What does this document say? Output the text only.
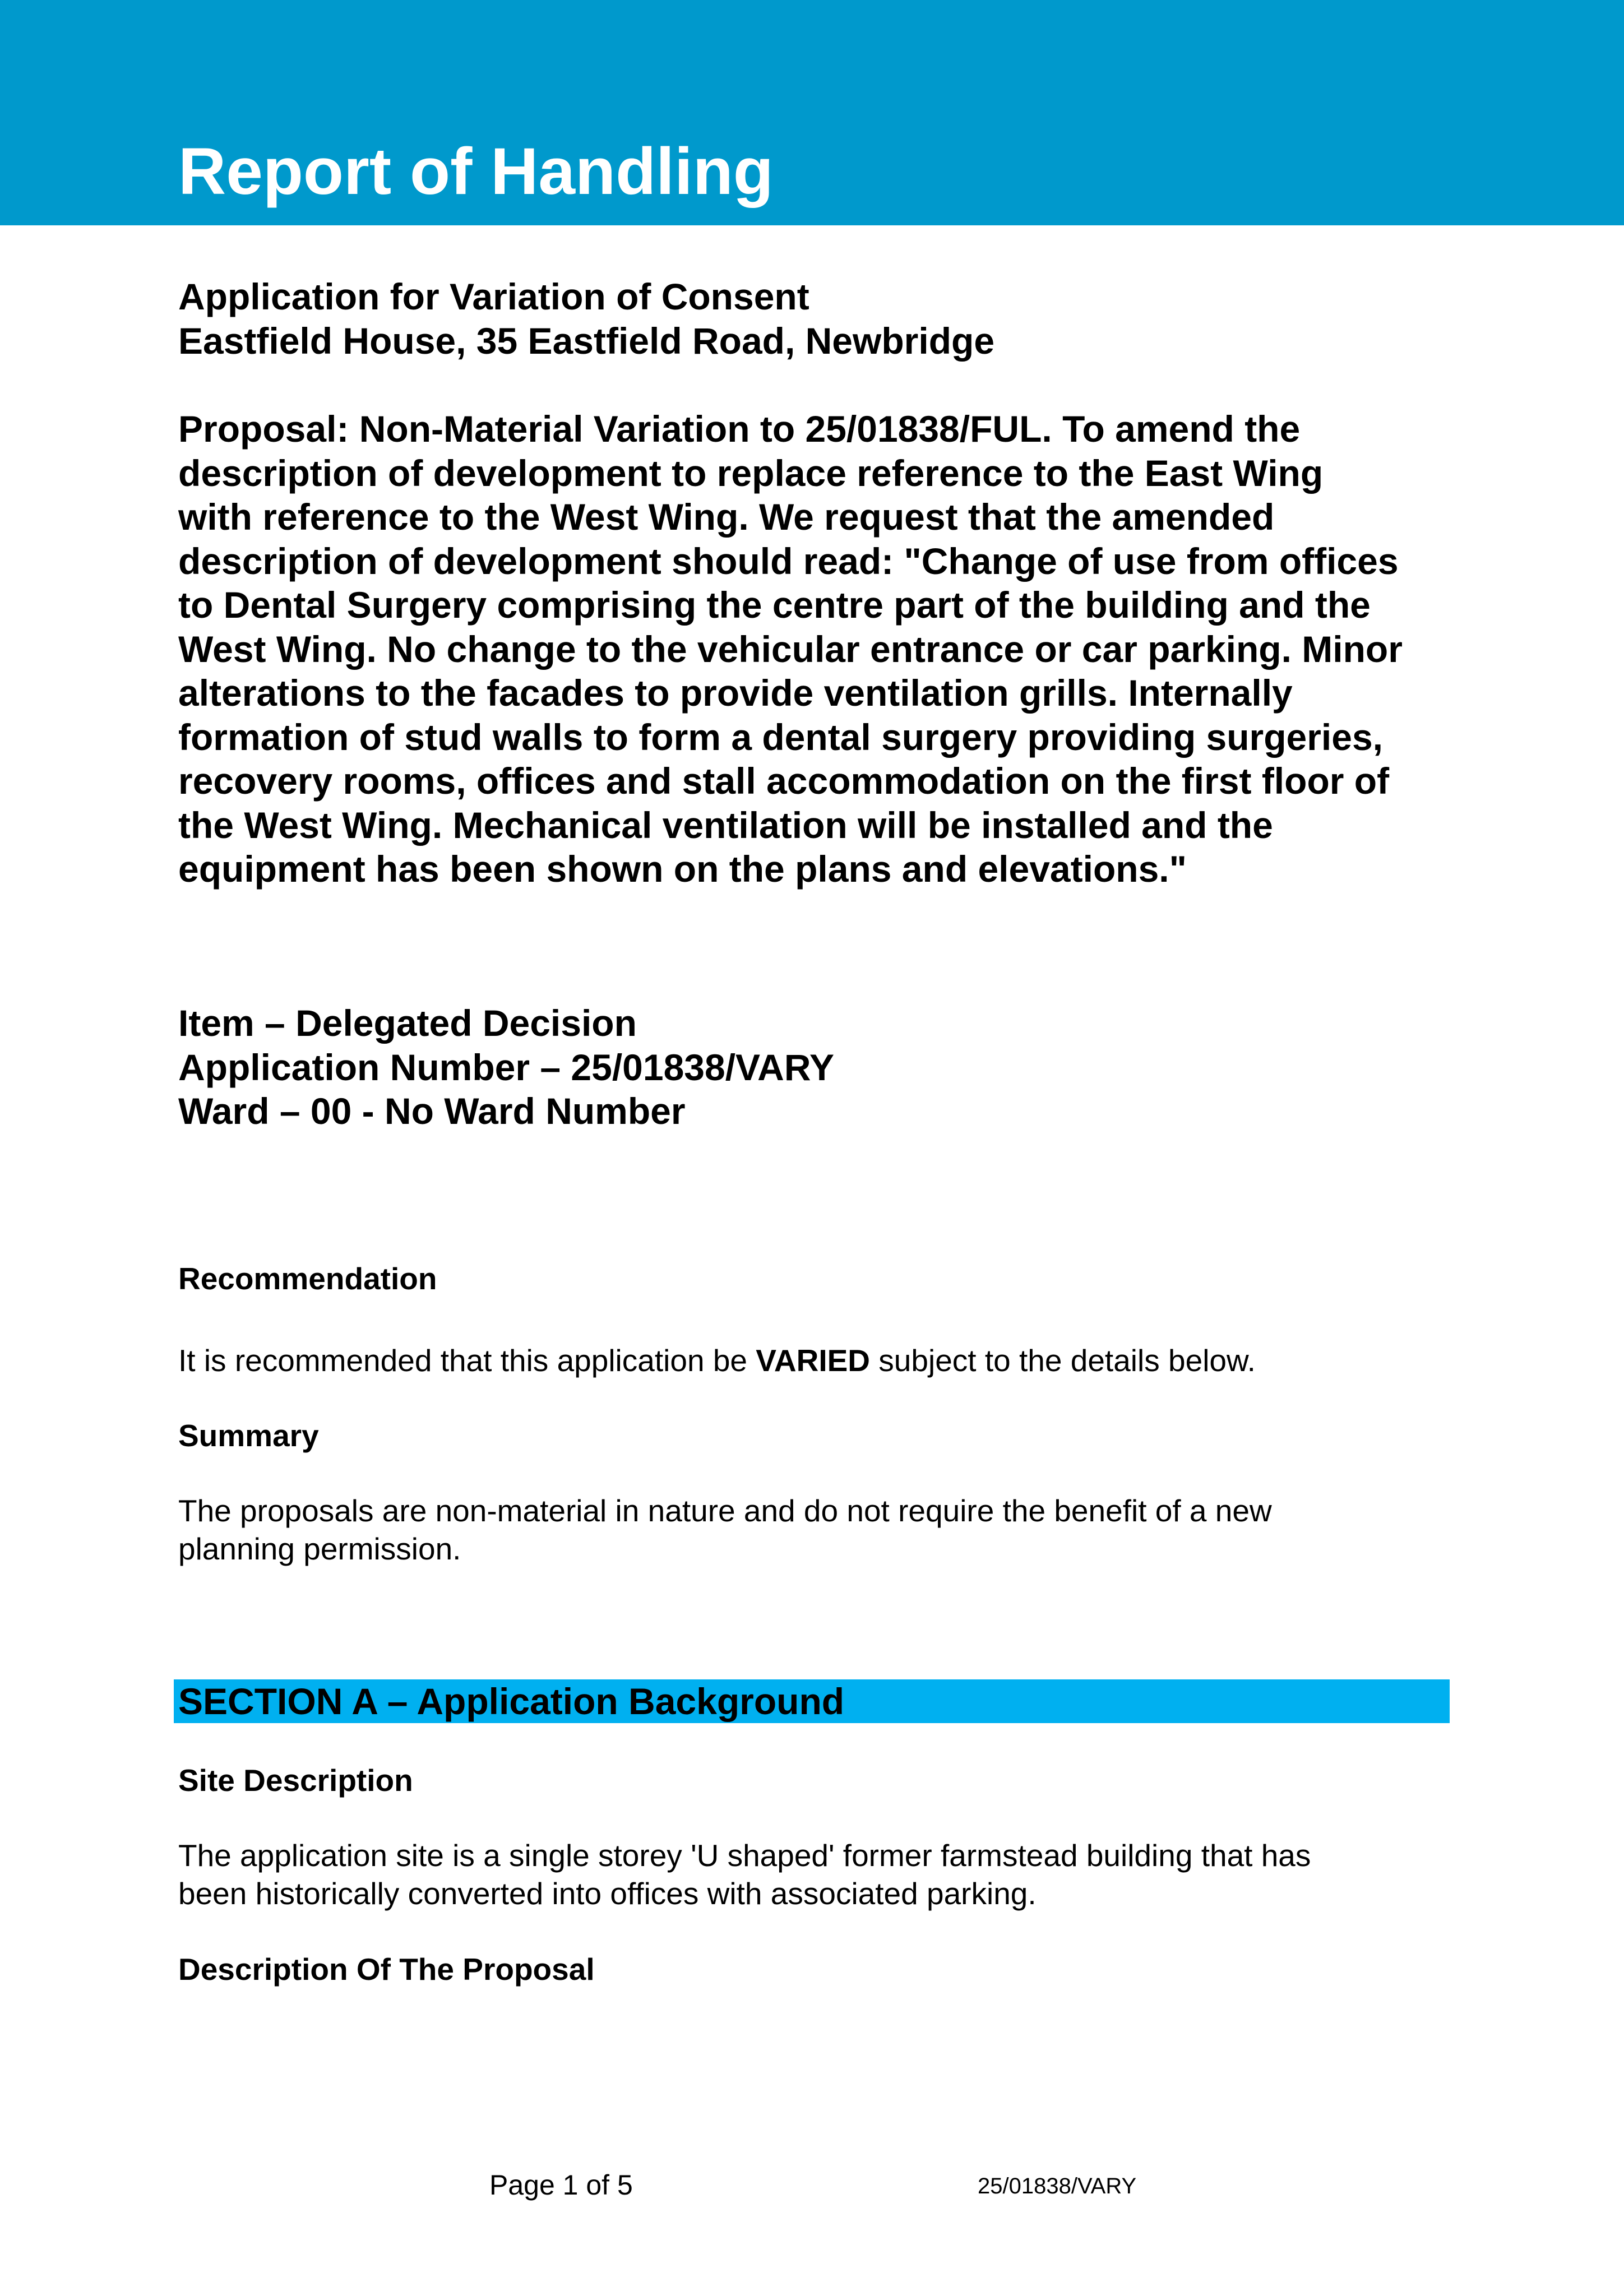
Report of Handling
Application for Variation of Consent
Eastfield House, 35 Eastfield Road, Newbridge
Proposal: Non-Material Variation to 25/01838/FUL. To amend the
description of development to replace reference to the East Wing
with reference to the West Wing. We request that the amended
description of development should read: "Change of use from offices
to Dental Surgery comprising the centre part of the building and the
West Wing. No change to the vehicular entrance or car parking. Minor
alterations to the facades to provide ventilation grills. Internally
formation of stud walls to form a dental surgery providing surgeries,
recovery rooms, offices and stall accommodation on the first floor of
the West Wing. Mechanical ventilation will be installed and the
equipment has been shown on the plans and elevations."
Item – Delegated Decision
Application Number – 25/01838/VARY
Ward – 00 - No Ward Number
Recommendation

It is recommended that this application be VARIED subject to the details below.

Summary

The proposals are non-material in nature and do not require the benefit of a new
planning permission.

SECTION A – Application Background
Site Description

The application site is a single storey 'U shaped' former farmstead building that has
been historically converted into offices with associated parking.

Description Of The Proposal
Page 1 of 5	25/01838/VARY
